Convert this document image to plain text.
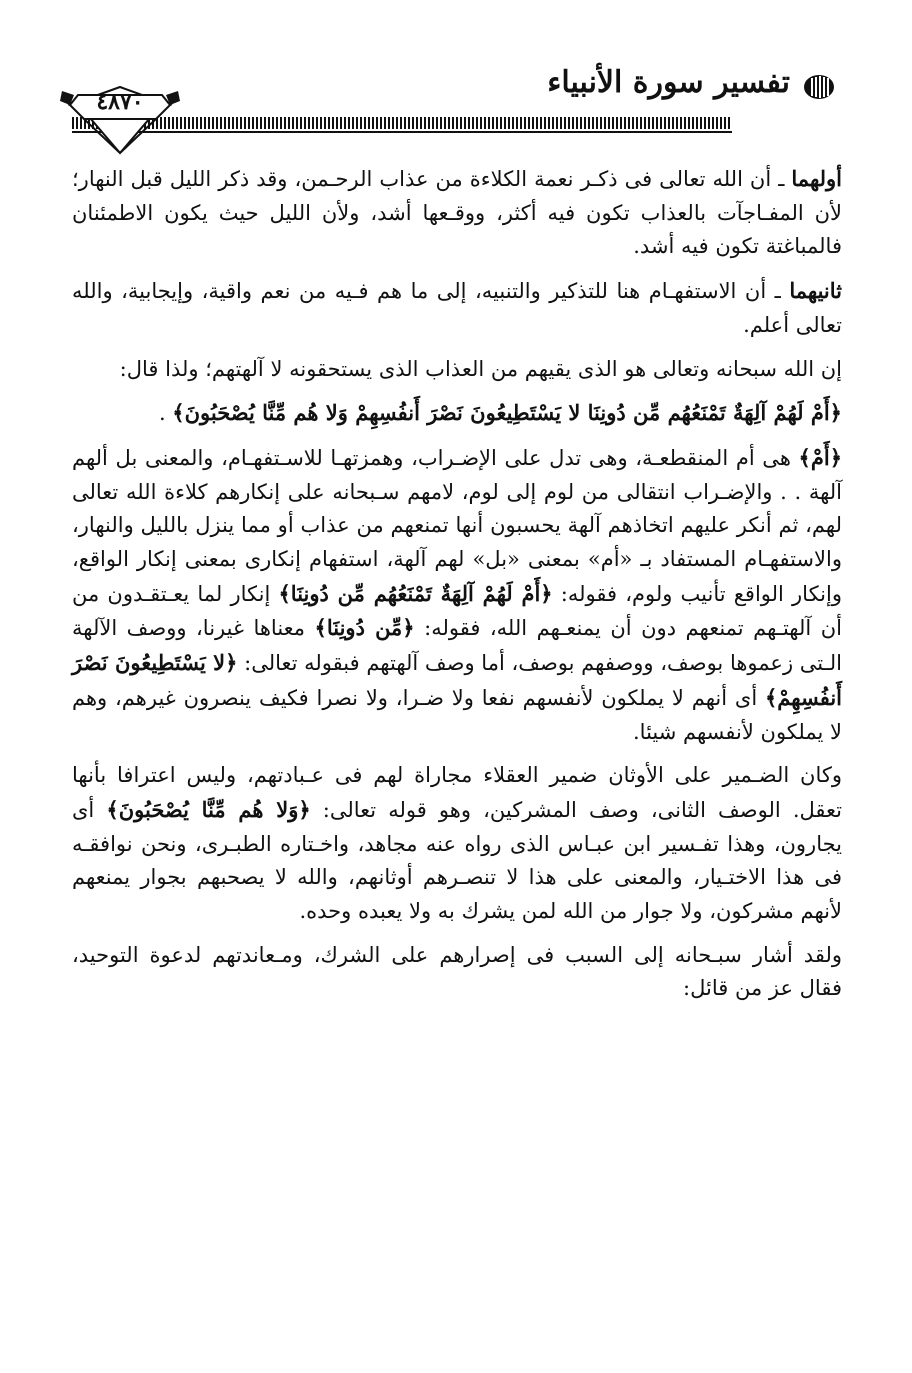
تفسير سورة الأنبياء
٤٨٧٠

أولهما ـ أن الله تعالى فى ذكـر نعمة الكلاءة من عذاب الرحـمن، وقد ذكر الليل قبل النهار؛ لأن المفـاجآت بالعذاب تكون فيه أكثر، ووقـعها أشد، ولأن الليل حيث يكون الاطمئنان فالمباغتة تكون فيه أشد.

ثانيهما ـ أن الاستفهـام هنا للتذكير والتنبيه، إلى ما هم فـيه من نعم واقية، وإيجابية، والله تعالى أعلم.

إن الله سبحانه وتعالى هو الذى يقيهم من العذاب الذى يستحقونه لا آلهتهم؛ ولذا قال:

﴿أَمْ لَهُمْ آلِهَةٌ تَمْنَعُهُم مِّن دُونِنَا لا يَسْتَطِيعُونَ نَصْرَ أَنفُسِهِمْ وَلا هُم مِّنَّا يُصْحَبُونَ﴾ .

﴿أَمْ﴾ هى أم المنقطعـة، وهى تدل على الإضـراب، وهمزتهـا للاسـتفهـام، والمعنى بل ألهم آلهة . . والإضـراب انتقالى من لوم إلى لوم، لامهم سـبحانه على إنكارهم كلاءة الله تعالى لهم، ثم أنكر عليهم اتخاذهم آلهة يحسبون أنها تمنعهم من عذاب أو مما ينزل بالليل والنهار، والاستفهـام المستفاد بـ «أم» بمعنى «بل» لهم آلهة، استفهام إنكارى بمعنى إنكار الواقع، وإنكار الواقع تأنيب ولوم، فقوله: ﴿أَمْ لَهُمْ آلِهَةٌ تَمْنَعُهُم مِّن دُونِنَا﴾ إنكار لما يعـتقـدون من أن آلهتـهم تمنعهم دون أن يمنعـهم الله، فقوله: ﴿مِّن دُونِنَا﴾ معناها غيرنا، ووصف الآلهة الـتى زعموها بوصف، ووصفهم بوصف، أما وصف آلهتهم فبقوله تعالى: ﴿لا يَسْتَطِيعُونَ نَصْرَ أَنفُسِهِمْ﴾ أى أنهم لا يملكون لأنفسهم نفعا ولا ضـرا، ولا نصرا فكيف ينصرون غيرهم، وهم لا يملكون لأنفسهم شيئا.

وكان الضـمير على الأوثان ضمير العقلاء مجاراة لهم فى عـبادتهم، وليس اعترافا بأنها تعقل. الوصف الثانى، وصف المشركين، وهو قوله تعالى: ﴿وَلا هُم مِّنَّا يُصْحَبُونَ﴾ أى يجارون، وهذا تفـسير ابن عبـاس الذى رواه عنه مجاهد، واخـتاره الطبـرى، ونحن نوافقـه فى هذا الاختـيار، والمعنى على هذا لا تنصـرهم أوثانهم، والله لا يصحبهم بجوار يمنعهم لأنهم مشركون، ولا جوار من الله لمن يشرك به ولا يعبده وحده.

ولقد أشار سبـحانه إلى السبب فى إصرارهم على الشرك، ومـعاندتهم لدعوة التوحيد، فقال عز من قائل:
